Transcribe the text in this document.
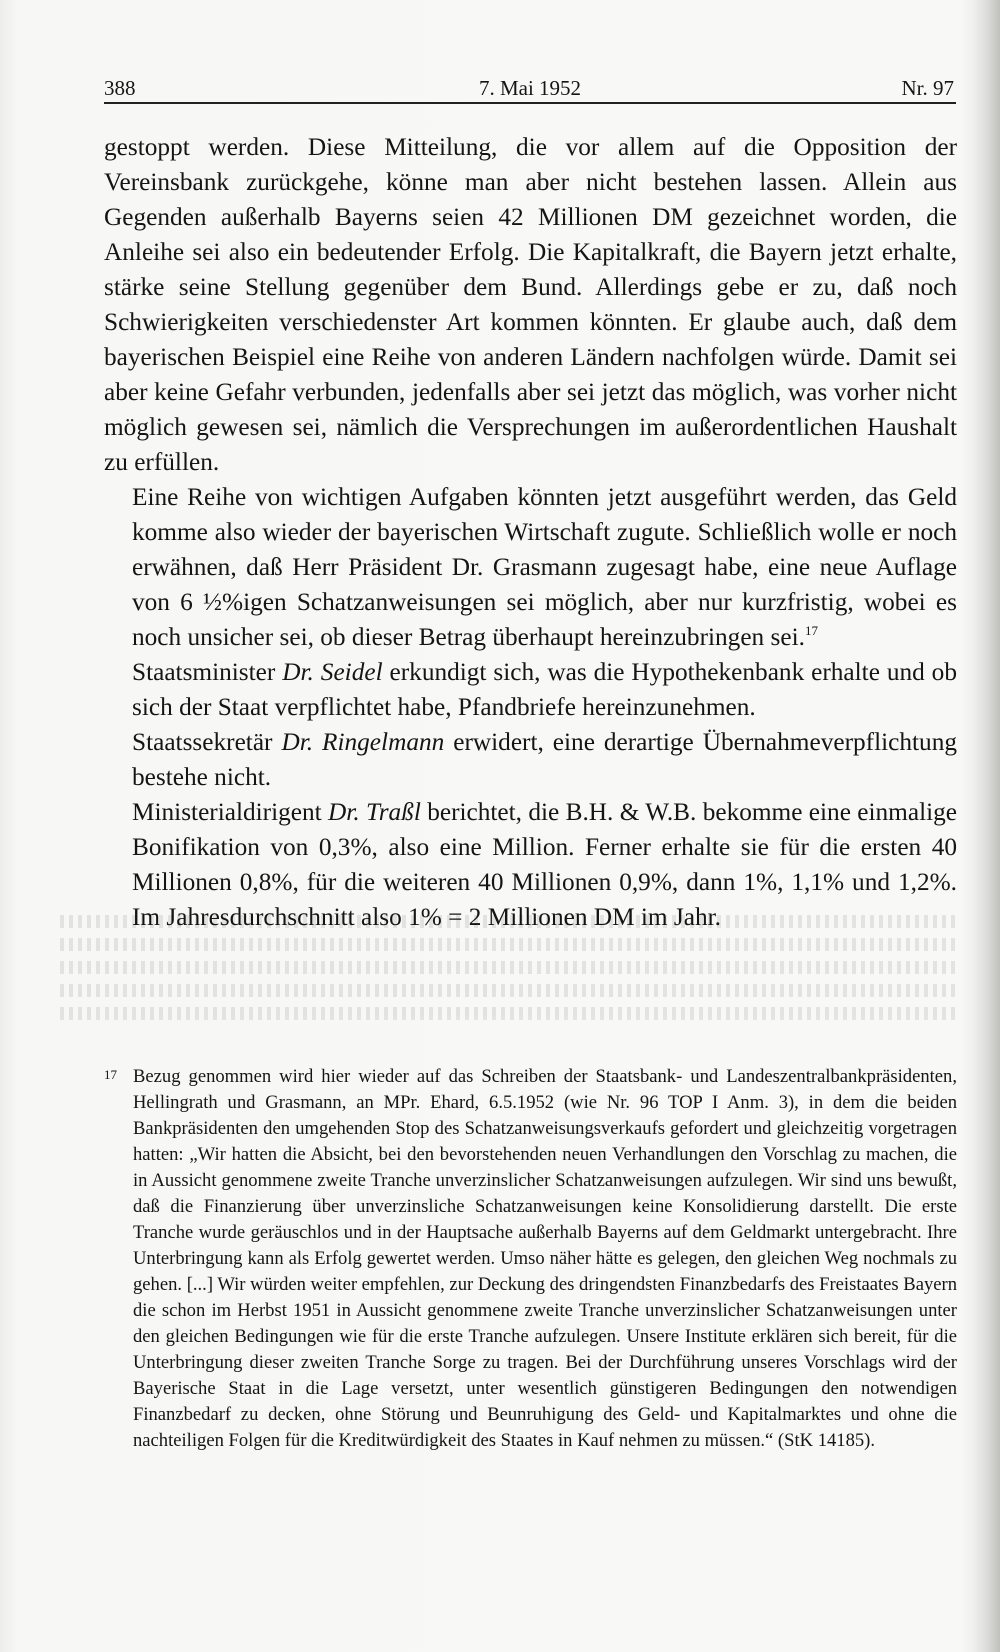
388	7. Mai 1952	Nr. 97

gestoppt werden. Diese Mitteilung, die vor allem auf die Opposition der Vereinsbank zurückgehe, könne man aber nicht bestehen lassen. Allein aus Gegenden außerhalb Bayerns seien 42 Millionen DM gezeichnet worden, die Anleihe sei also ein bedeutender Erfolg. Die Kapitalkraft, die Bayern jetzt erhalte, stärke seine Stellung gegenüber dem Bund. Allerdings gebe er zu, daß noch Schwierigkeiten verschiedenster Art kommen könnten. Er glaube auch, daß dem bayerischen Beispiel eine Reihe von anderen Ländern nachfolgen würde. Damit sei aber keine Gefahr verbunden, jedenfalls aber sei jetzt das möglich, was vorher nicht möglich gewesen sei, nämlich die Versprechungen im außerordentlichen Haushalt zu erfüllen.

Eine Reihe von wichtigen Aufgaben könnten jetzt ausgeführt werden, das Geld komme also wieder der bayerischen Wirtschaft zugute. Schließlich wolle er noch erwähnen, daß Herr Präsident Dr. Grasmann zugesagt habe, eine neue Auflage von 6 ½%igen Schatzanweisungen sei möglich, aber nur kurzfristig, wobei es noch unsicher sei, ob dieser Betrag überhaupt hereinzubringen sei.$^{17}$

Staatsminister Dr. Seidel erkundigt sich, was die Hypothekenbank erhalte und ob sich der Staat verpflichtet habe, Pfandbriefe hereinzunehmen.

Staatssekretär Dr. Ringelmann erwidert, eine derartige Übernahmeverpflichtung bestehe nicht.

Ministerialdirigent Dr. Traßl berichtet, die B.H. & W.B. bekomme eine einmalige Bonifikation von 0,3%, also eine Million. Ferner erhalte sie für die ersten 40 Millionen 0,8%, für die weiteren 40 Millionen 0,9%, dann 1%, 1,1% und 1,2%. Im Jahresdurchschnitt also 1% = 2 Millionen DM im Jahr.

17 Bezug genommen wird hier wieder auf das Schreiben der Staatsbank- und Landeszentralbankpräsidenten, Hellingrath und Grasmann, an MPr. Ehard, 6.5.1952 (wie Nr. 96 TOP I Anm. 3), in dem die beiden Bankpräsidenten den umgehenden Stop des Schatzanweisungsverkaufs gefordert und gleichzeitig vorgetragen hatten: „Wir hatten die Absicht, bei den bevorstehenden neuen Verhandlungen den Vorschlag zu machen, die in Aussicht genommene zweite Tranche unverzinslicher Schatzanweisungen aufzulegen. Wir sind uns bewußt, daß die Finanzierung über unverzinsliche Schatzanweisungen keine Konsolidierung darstellt. Die erste Tranche wurde geräuschlos und in der Hauptsache außerhalb Bayerns auf dem Geldmarkt untergebracht. Ihre Unterbringung kann als Erfolg gewertet werden. Umso näher hätte es gelegen, den gleichen Weg nochmals zu gehen. [...] Wir würden weiter empfehlen, zur Deckung des dringendsten Finanzbedarfs des Freistaates Bayern die schon im Herbst 1951 in Aussicht genommene zweite Tranche unverzinslicher Schatzanweisungen unter den gleichen Bedingungen wie für die erste Tranche aufzulegen. Unsere Institute erklären sich bereit, für die Unterbringung dieser zweiten Tranche Sorge zu tragen. Bei der Durchführung unseres Vorschlags wird der Bayerische Staat in die Lage versetzt, unter wesentlich günstigeren Bedingungen den notwendigen Finanzbedarf zu decken, ohne Störung und Beunruhigung des Geld- und Kapitalmarktes und ohne die nachteiligen Folgen für die Kreditwürdigkeit des Staates in Kauf nehmen zu müssen.“ (StK 14185).
